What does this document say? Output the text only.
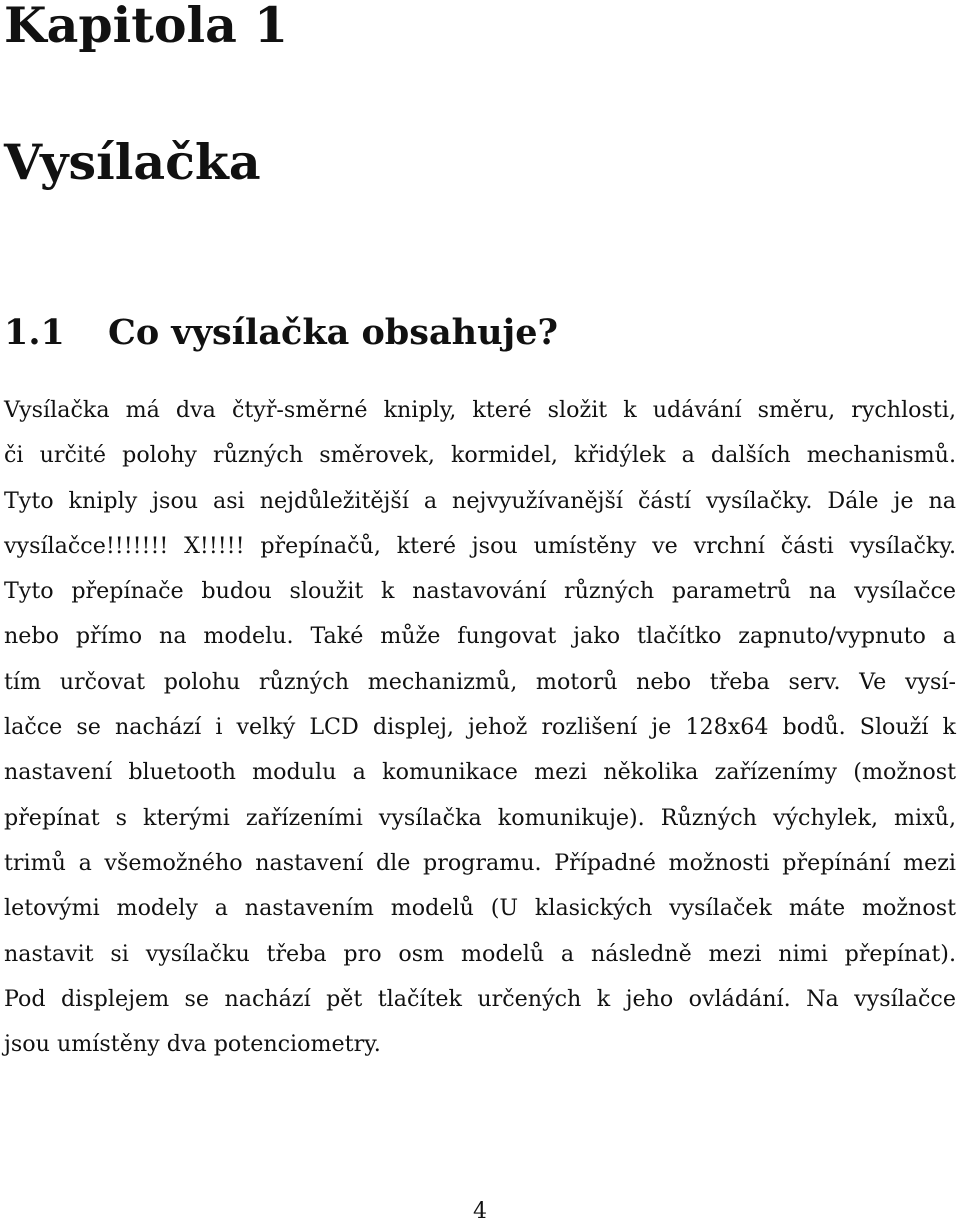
Kapitola 1
Vysílačka
1.1 Co vysílačka obsahuje?
Vysílačka má dva čtyř-směrné kniply, které složit k udávání směru, rychlosti,
či určité polohy různých směrovek, kormidel, křidýlek a dalších mechanismů.
Tyto kniply jsou asi nejdůležitější a nejvyužívanější částí vysílačky. Dále je na
vysílačce!!!!!!! X!!!!! přepínačů, které jsou umístěny ve vrchní části vysílačky.
Tyto přepínače budou sloužit k nastavování různých parametrů na vysílačce
nebo přímo na modelu. Také může fungovat jako tlačítko zapnuto/vypnuto a
tím určovat polohu různých mechanizmů, motorů nebo třeba serv. Ve vysí-
lačce se nachází i velký LCD displej, jehož rozlišení je 128x64 bodů. Slouží k
nastavení bluetooth modulu a komunikace mezi několika zařízenímy (možnost
přepínat s kterými zařízeními vysílačka komunikuje). Různých výchylek, mixů,
trimů a všemožného nastavení dle programu. Případné možnosti přepínání mezi
letovými modely a nastavením modelů (U klasických vysílaček máte možnost
nastavit si vysílačku třeba pro osm modelů a následně mezi nimi přepínat).
Pod displejem se nachází pět tlačítek určených k jeho ovládání. Na vysílačce
jsou umístěny dva potenciometry.
4
